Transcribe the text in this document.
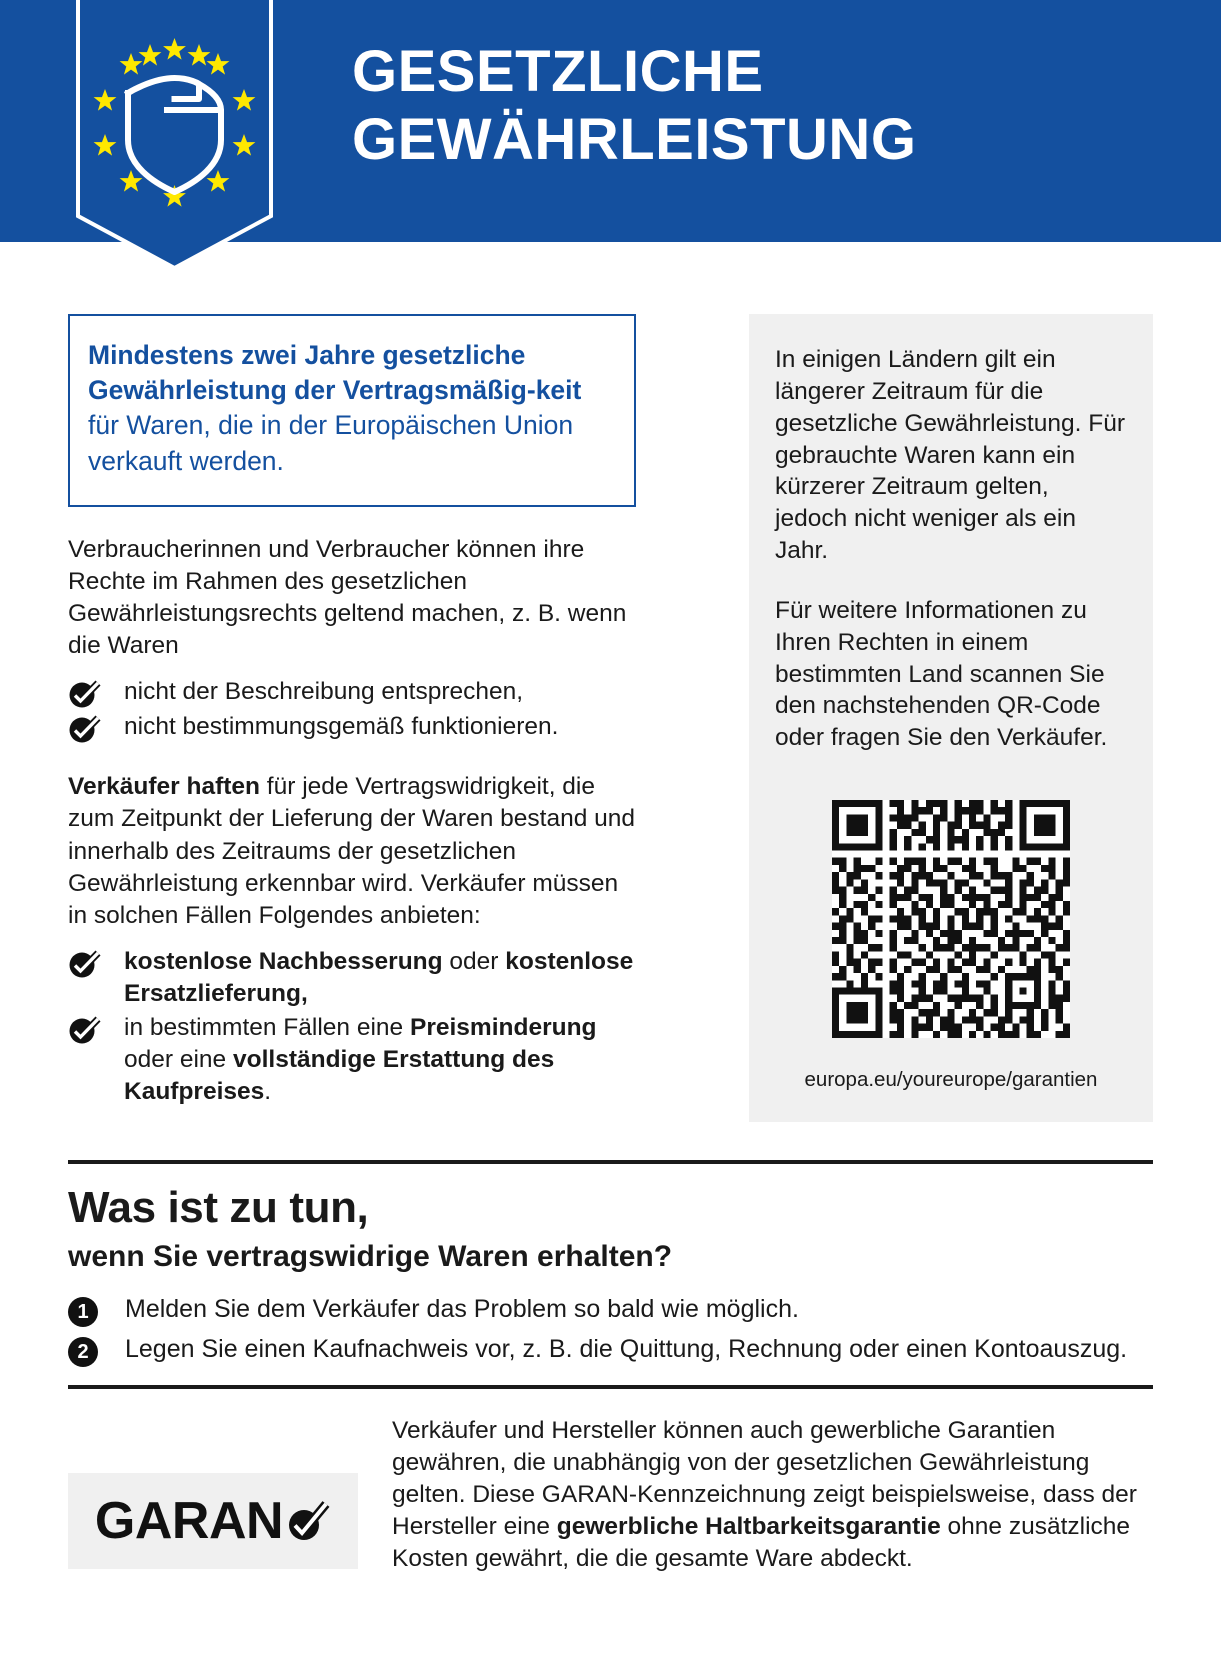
GESETZLICHE
GEWÄHRLEISTUNG
Mindestens zwei Jahre gesetzliche Gewährleistung der Vertragsmäßig-keit für Waren, die in der Europäischen Union verkauft werden.

Verbraucherinnen und Verbraucher können ihre Rechte im Rahmen des gesetzlichen Gewährleistungsrechts geltend machen, z. B. wenn die Waren

nicht der Beschreibung entsprechen,
nicht bestimmungsgemäß funktionieren.

Verkäufer haften für jede Vertragswidrigkeit, die zum Zeitpunkt der Lieferung der Waren bestand und innerhalb des Zeitraums der gesetzlichen Gewährleistung erkennbar wird. Verkäufer müssen in solchen Fällen Folgendes anbieten:

kostenlose Nachbesserung oder kostenlose Ersatzlieferung,
in bestimmten Fällen eine Preisminderung oder eine vollständige Erstattung des Kaufpreises.

In einigen Ländern gilt ein längerer Zeitraum für die gesetzliche Gewährleistung. Für gebrauchte Waren kann ein kürzerer Zeitraum gelten, jedoch nicht weniger als ein Jahr.

Für weitere Informationen zu Ihren Rechten in einem bestimmten Land scannen Sie den nachstehenden QR-Code oder fragen Sie den Verkäufer.

europa.eu/youreurope/garantien
Was ist zu tun,
wenn Sie vertragswidrige Waren erhalten?
1	Melden Sie dem Verkäufer das Problem so bald wie möglich.
2	Legen Sie einen Kaufnachweis vor, z. B. die Quittung, Rechnung oder einen Kontoauszug.
GARAN
Verkäufer und Hersteller können auch gewerbliche Garantien gewähren, die unabhängig von der gesetzlichen Gewährleistung gelten. Diese GARAN-Kennzeichnung zeigt beispielsweise, dass der Hersteller eine gewerbliche Haltbarkeitsgarantie ohne zusätzliche Kosten gewährt, die die gesamte Ware abdeckt.
